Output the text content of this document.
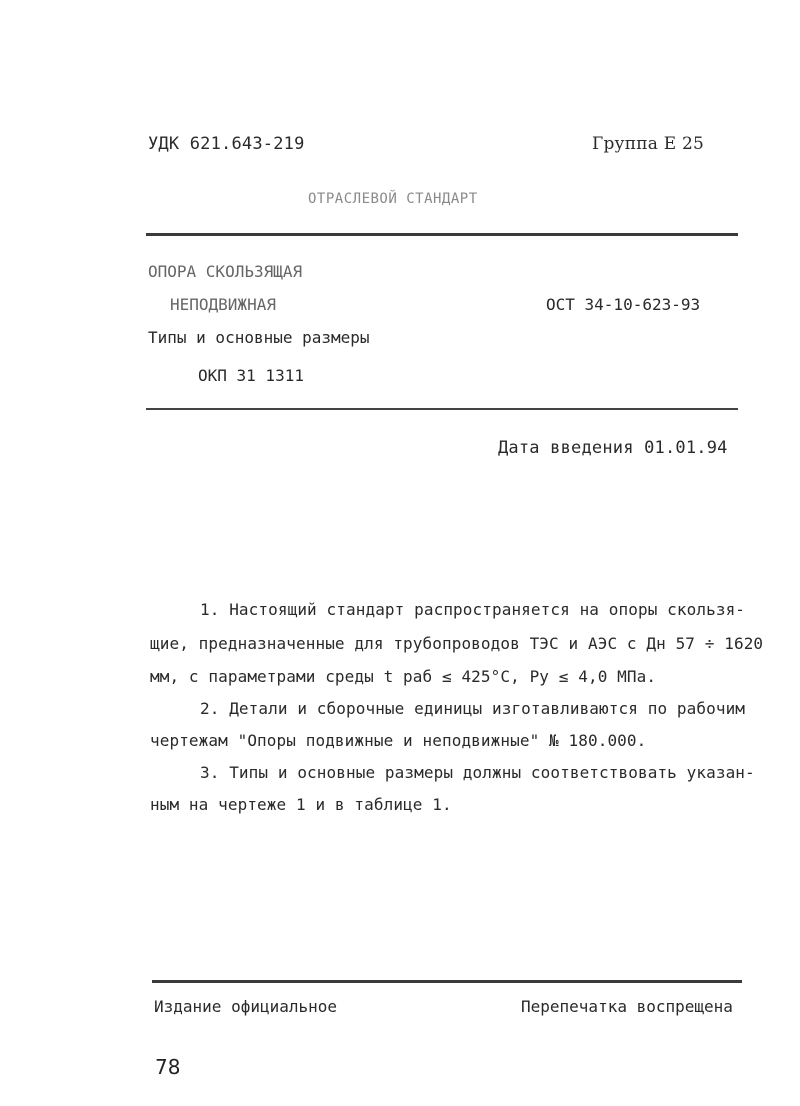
УДК 621.643-219	Группа Е 25
ОТРАСЛЕВОЙ СТАНДАРТ
ОПОРА СКОЛЬЗЯЩАЯ
НЕПОДВИЖНАЯ	ОСТ 34-10-623-93
Типы и основные размеры
ОКП 31 1311
Дата введения 01.01.94
1. Настоящий стандарт распространяется на опоры скользя-
щие, предназначенные для трубопроводов ТЭС и АЭС с Дн 57 ÷ 1620
мм, с параметрами среды t раб ≤ 425°С, Ру ≤ 4,0 МПа.
2. Детали и сборочные единицы изготавливаются по рабочим
чертежам "Опоры подвижные и неподвижные" № 180.000.
3. Типы и основные размеры должны соответствовать указан-
ным на чертеже 1 и в таблице 1.
Издание официальное	Перепечатка воспрещена
78
